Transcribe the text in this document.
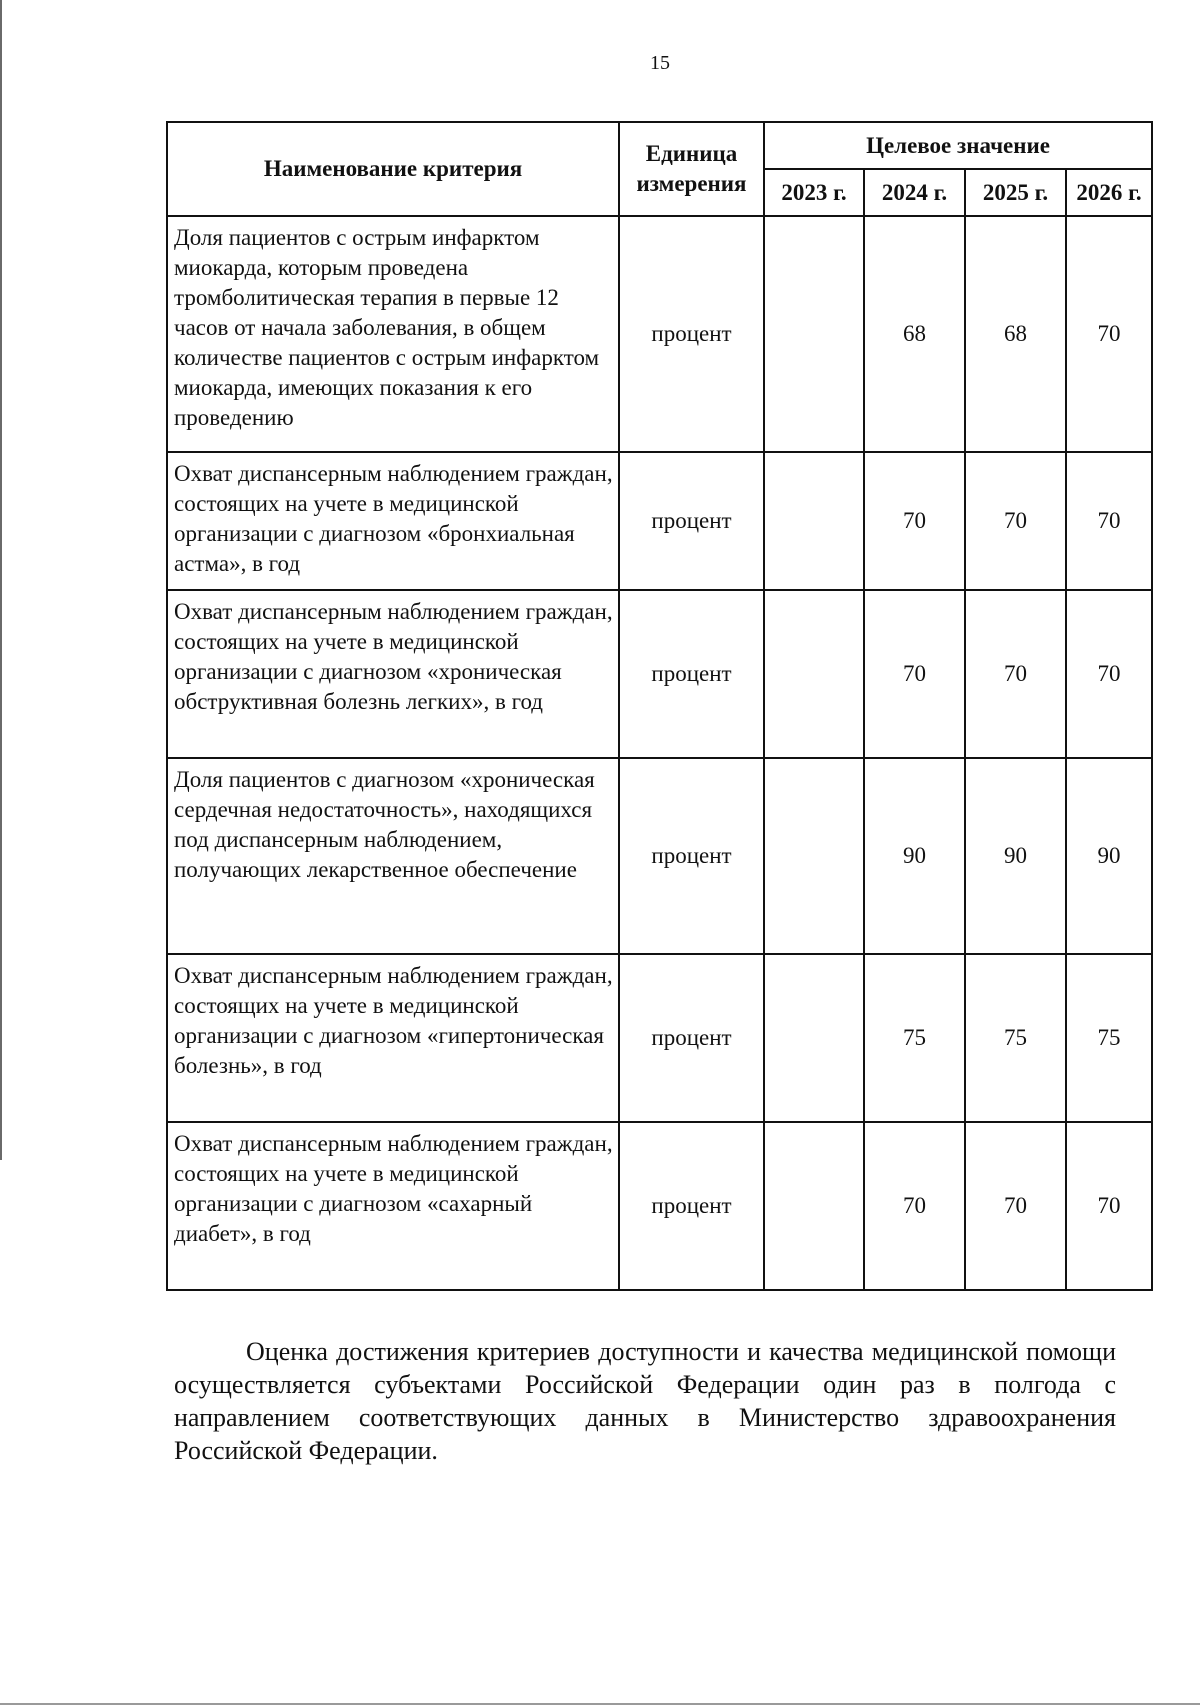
15
Наименование критерия	Единица измерения	Целевое значение			
		2023 г.	2024 г.	2025 г.	2026 г.
Доля пациентов с острым инфарктом миокарда, которым проведена тромболитическая терапия в первые 12 часов от начала заболевания, в общем количестве пациентов с острым инфарктом миокарда, имеющих показания к его проведению	процент		68	68	70
Охват диспансерным наблюдением граждан, состоящих на учете в медицинской организации с диагнозом «бронхиальная астма», в год	процент		70	70	70
Охват диспансерным наблюдением граждан, состоящих на учете в медицинской организации с диагнозом «хроническая обструктивная болезнь легких», в год	процент		70	70	70
Доля пациентов с диагнозом «хроническая сердечная недостаточность», находящихся под диспансерным наблюдением, получающих лекарственное обеспечение	процент		90	90	90
Охват диспансерным наблюдением граждан, состоящих на учете в медицинской организации с диагнозом «гипертоническая болезнь», в год	процент		75	75	75
Охват диспансерным наблюдением граждан, состоящих на учете в медицинской организации с диагнозом «сахарный диабет», в год	процент		70	70	70

Оценка достижения критериев доступности и качества медицинской помощи осуществляется субъектами Российской Федерации один раз в полгода с направлением соответствующих данных в Министерство здравоохранения Российской Федерации.
